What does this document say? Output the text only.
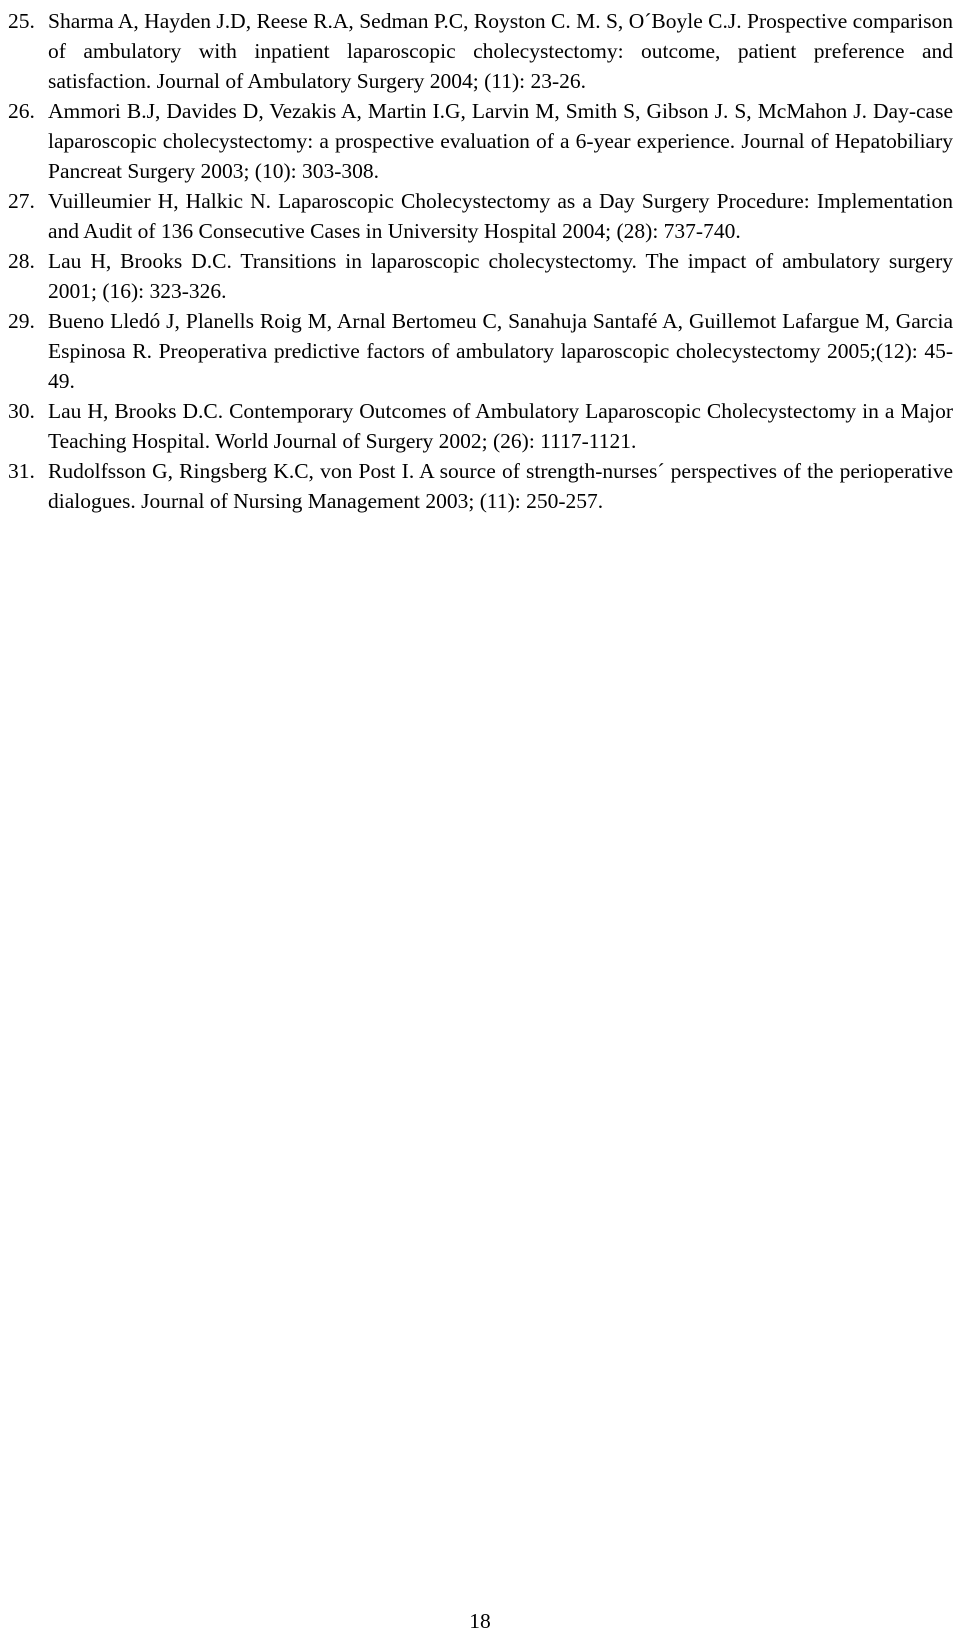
25. Sharma A, Hayden J.D, Reese R.A, Sedman P.C, Royston C. M. S, O´Boyle C.J. Prospective comparison of ambulatory with inpatient laparoscopic cholecystectomy: outcome, patient preference and satisfaction. Journal of Ambulatory Surgery 2004; (11): 23-26.
26. Ammori B.J, Davides D, Vezakis A, Martin I.G, Larvin M, Smith S, Gibson J. S, McMahon J. Day-case laparoscopic cholecystectomy: a prospective evaluation of a 6-year experience. Journal of Hepatobiliary Pancreat Surgery 2003; (10): 303-308.
27. Vuilleumier H, Halkic N. Laparoscopic Cholecystectomy as a Day Surgery Procedure: Implementation and Audit of 136 Consecutive Cases in University Hospital 2004; (28): 737-740.
28. Lau H, Brooks D.C. Transitions in laparoscopic cholecystectomy. The impact of ambulatory surgery 2001; (16): 323-326.
29. Bueno Lledó J, Planells Roig M, Arnal Bertomeu C, Sanahuja Santafé A, Guillemot Lafargue M, Garcia Espinosa R. Preoperativa predictive factors of ambulatory laparoscopic cholecystectomy 2005;(12): 45-49.
30. Lau H, Brooks D.C. Contemporary Outcomes of Ambulatory Laparoscopic Cholecystectomy in a Major Teaching Hospital. World Journal of Surgery 2002; (26): 1117-1121.
31. Rudolfsson G, Ringsberg K.C, von Post I. A source of strength-nurses´ perspectives of the perioperative dialogues. Journal of Nursing Management 2003; (11): 250-257.
18
